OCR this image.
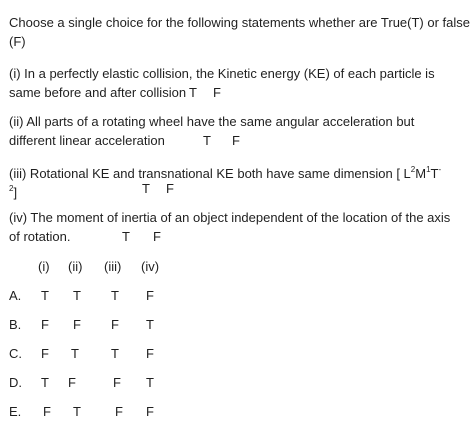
Choose a single choice for the following statements whether are True(T) or false
(F)
(i) In a perfectly elastic collision, the Kinetic energy (KE) of each particle is
same before and after collision T F
(ii) All parts of a rotating wheel have the same angular acceleration but
different linear acceleration	T F
(iii) Rotational KE and transnational KE both have same dimension [ $L^2M^1T^-$
$^2$]	T F
(iv) The moment of inertia of an object independent of the location of the axis
of rotation.	T F
(i) (ii) (iii) (iv)
A. T T T F
B. F F F T
C. F T T F
D. T F	F T
E. F T	F F
